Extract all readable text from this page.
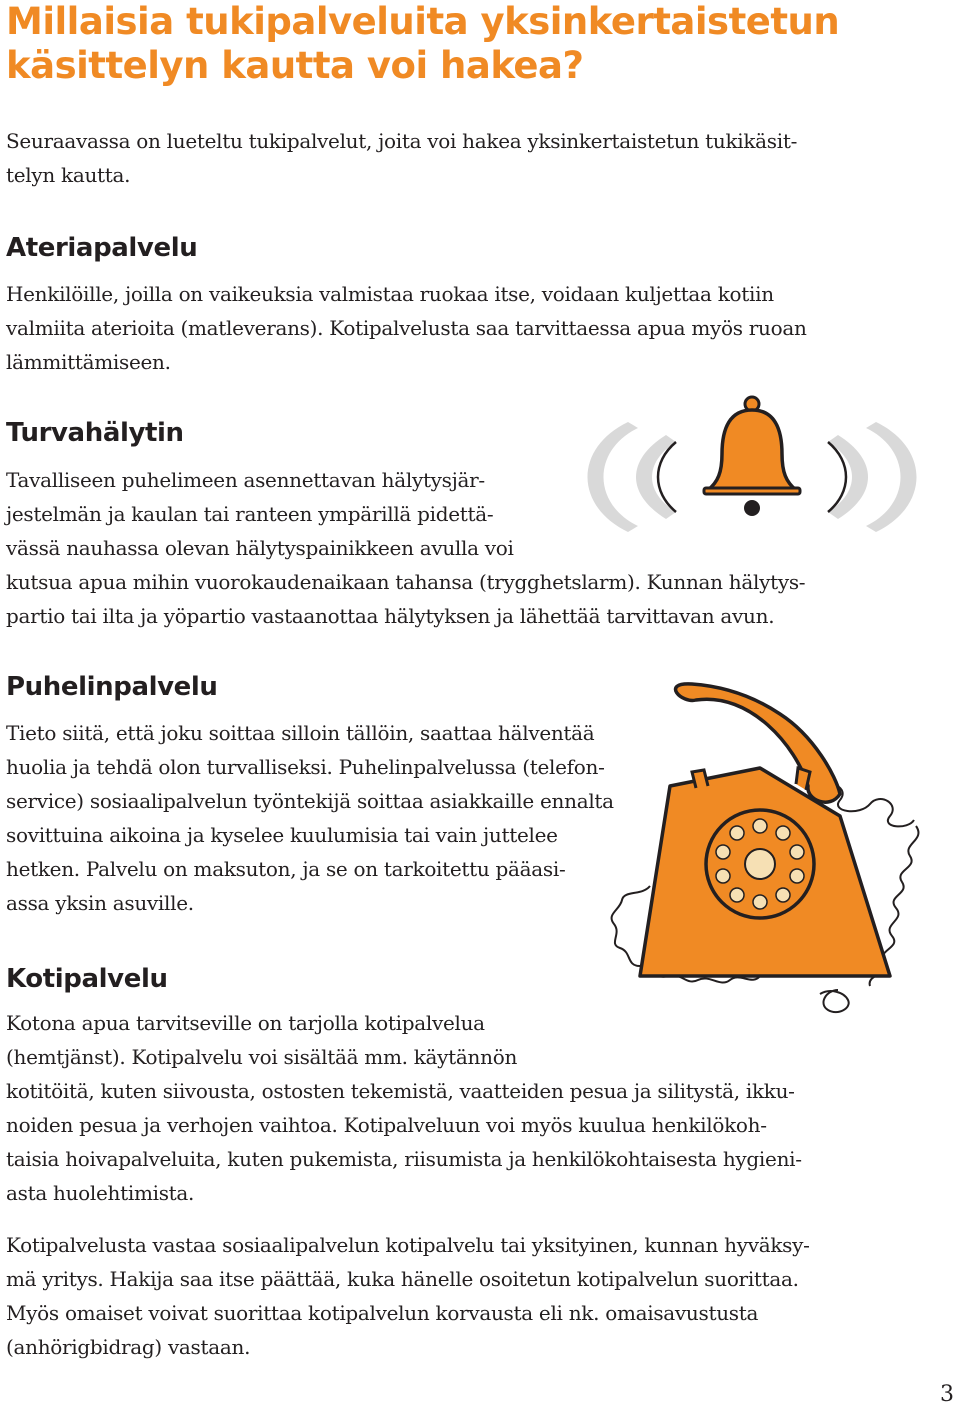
Millaisia tukipalveluita yksinkertaistetun
käsittelyn kautta voi hakea?

Seuraavassa on lueteltu tukipalvelut, joita voi hakea yksinkertaistetun tukikäsit-
telyn kautta.

Ateriapalvelu

Henkilöille, joilla on vaikeuksia valmistaa ruokaa itse, voidaan kuljettaa kotiin
valmiita aterioita (matleverans). Kotipalvelusta saa tarvittaessa apua myös ruoan
lämmittämiseen.

Turvahälytin

Tavalliseen puhelimeen asennettavan hälytysjär-
jestelmän ja kaulan tai ranteen ympärillä pidettä-
vässä nauhassa olevan hälytyspainikkeen avulla voi
kutsua apua mihin vuorokaudenaikaan tahansa (trygghetslarm). Kunnan hälytys-
partio tai ilta ja yöpartio vastaanottaa hälytyksen ja lähettää tarvittavan avun.

Puhelinpalvelu

Tieto siitä, että joku soittaa silloin tällöin, saattaa hälventää
huolia ja tehdä olon turvalliseksi. Puhelinpalvelussa (telefon-
service) sosiaalipalvelun työntekijä soittaa asiakkaille ennalta
sovittuina aikoina ja kyselee kuulumisia tai vain juttelee
hetken. Palvelu on maksuton, ja se on tarkoitettu pääasi-
assa yksin asuville.

Kotipalvelu

Kotona apua tarvitseville on tarjolla kotipalvelua
(hemtjänst). Kotipalvelu voi sisältää mm. käytännön
kotitöitä, kuten siivousta, ostosten tekemistä, vaatteiden pesua ja silitystä, ikku-
noiden pesua ja verhojen vaihtoa. Kotipalveluun voi myös kuulua henkilökoh-
taisia hoivapalveluita, kuten pukemista, riisumista ja henkilökohtaisesta hygieni-
asta huolehtimista.

Kotipalvelusta vastaa sosiaalipalvelun kotipalvelu tai yksityinen, kunnan hyväksy-
mä yritys. Hakija saa itse päättää, kuka hänelle osoitetun kotipalvelun suorittaa.
Myös omaiset voivat suorittaa kotipalvelun korvausta eli nk. omaisavustusta
(anhörigbidrag) vastaan.

3
